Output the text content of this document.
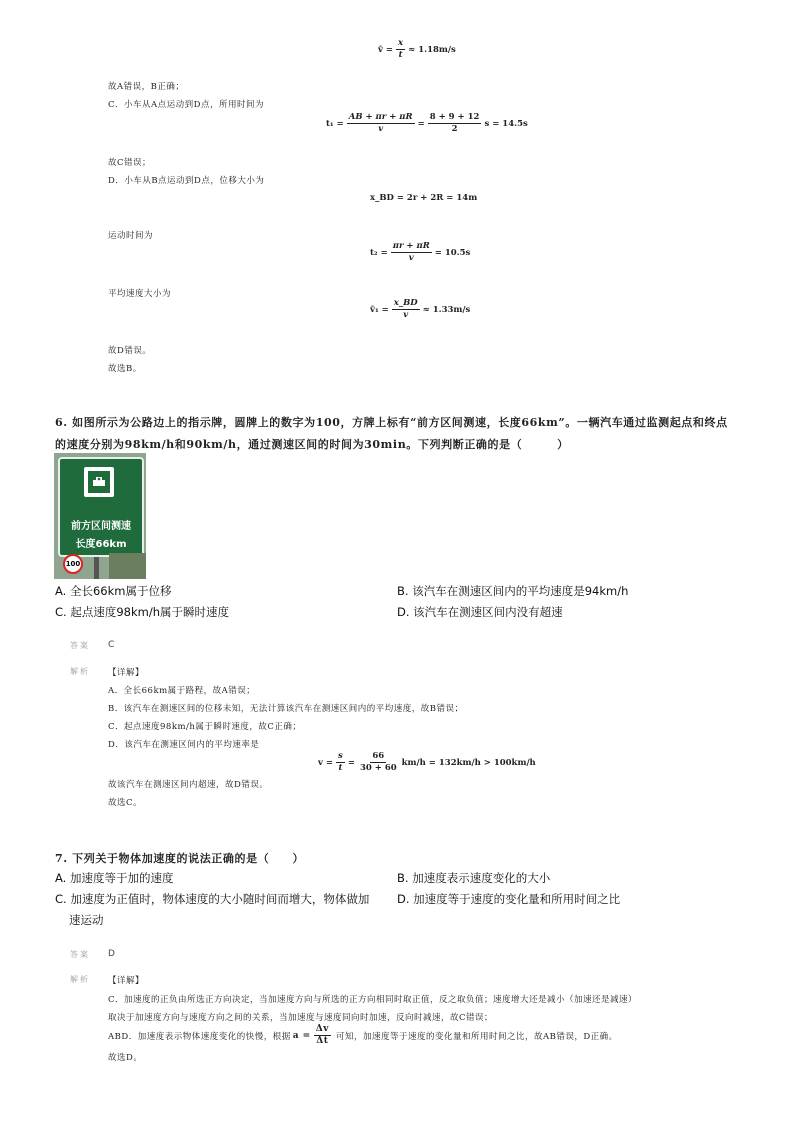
v̄ = $\frac{x}{t} \approx 1.18m/s$
故A错误，B正确；
C．小车从A点运动到D点，所用时间为
$t_1 = \frac{AB + \pi r + \pi R}{v} = \frac{8 + 9 + 12}{2}$ s = 14.5s
故C错误；
D．小车从B点运动到D点，位移大小为
x_BD = 2r + 2R = 14m
运动时间为
$t_2 = \frac{\pi r + \pi R}{v} = 10.5s$
平均速度大小为
v̄₁ = $\frac{x\_BD}{v} \approx 1.33m/s$
故D错误。
故选B。
6. 如图所示为公路边上的指示牌，圆牌上的数字为100，方牌上标有“前方区间测速，长度66km”。一辆汽车通过监测起点和终点
的速度分别为98km/h和90km/h，通过测速区间的时间为30min。下列判断正确的是（　　　）
前方区间测速
长度66km
100
A. 全长66km属于位移	B. 该汽车在测速区间内的平均速度是94km/h
C. 起点速度98km/h属于瞬时速度	D. 该汽车在测速区间内没有超速
答案 C
解析 【详解】
A．全长66km属于路程，故A错误；
B．该汽车在测速区间的位移未知，无法计算该汽车在测速区间内的平均速度，故B错误；
C．起点速度98km/h属于瞬时速度，故C正确；
D．该汽车在测速区间内的平均速率是
$v = \frac{s}{t} = \frac{66}{30 + 60} km/h = 132km/h > 100km/h$
故该汽车在测速区间内超速，故D错误。
故选C。
7. 下列关于物体加速度的说法正确的是（　　）
A. 加速度等于加的速度	B. 加速度表示速度变化的大小
C. 加速度为正值时，物体速度的大小随时间而增大，物体做加
速运动
D. 加速度等于速度的变化量和所用时间之比
答案 D
解析 【详解】
C．加速度的正负由所选正方向决定，当加速度方向与所选的正方向相同时取正值，反之取负值；速度增大还是减小（加速还是减速）
取决于加速度方向与速度方向之间的关系，当加速度与速度同向时加速，反向时减速，故C错误；
ABD．加速度表示物体速度变化的快慢，根据 $a = \frac{\Delta v}{\Delta t}$ 可知，加速度等于速度的变化量和所用时间之比，故AB错误，D正确。
故选D。
